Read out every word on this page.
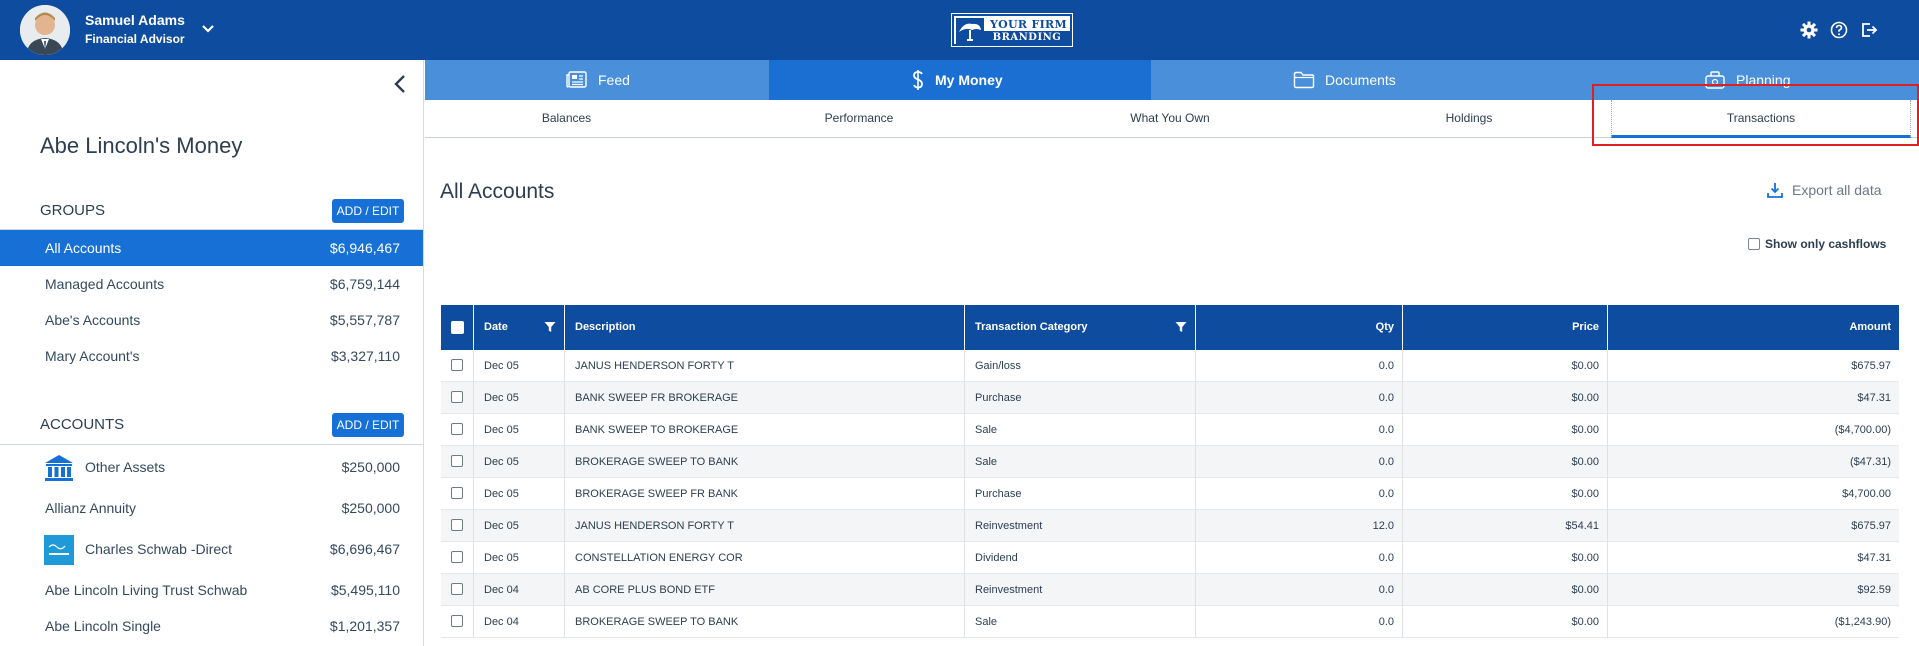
Samuel Adams
Financial Advisor
YOUR FIRM
BRANDING
Abe Lincoln's Money
GROUPS	ADD / EDIT
All Accounts	$6,946,467
Managed Accounts	$6,759,144
Abe's Accounts	$5,557,787
Mary Account's	$3,327,110
ACCOUNTS	ADD / EDIT
Other Assets	$250,000
Allianz Annuity	$250,000
Charles Schwab -Direct	$6,696,467
Abe Lincoln Living Trust Schwab	$5,495,110
Abe Lincoln Single	$1,201,357
Feed	My Money	Documents	Planning
Balances	Performance	What You Own	Holdings	Transactions
All Accounts	Export all data
Show only cashflows
Date	Description	Transaction Category	Qty	Price	Amount
Dec 05	JANUS HENDERSON FORTY T	Gain/loss	0.0	$0.00	$675.97
Dec 05	BANK SWEEP FR BROKERAGE	Purchase	0.0	$0.00	$47.31
Dec 05	BANK SWEEP TO BROKERAGE	Sale	0.0	$0.00	($4,700.00)
Dec 05	BROKERAGE SWEEP TO BANK	Sale	0.0	$0.00	($47.31)
Dec 05	BROKERAGE SWEEP FR BANK	Purchase	0.0	$0.00	$4,700.00
Dec 05	JANUS HENDERSON FORTY T	Reinvestment	12.0	$54.41	$675.97
Dec 05	CONSTELLATION ENERGY COR	Dividend	0.0	$0.00	$47.31
Dec 04	AB CORE PLUS BOND ETF	Reinvestment	0.0	$0.00	$92.59
Dec 04	BROKERAGE SWEEP TO BANK	Sale	0.0	$0.00	($1,243.90)
